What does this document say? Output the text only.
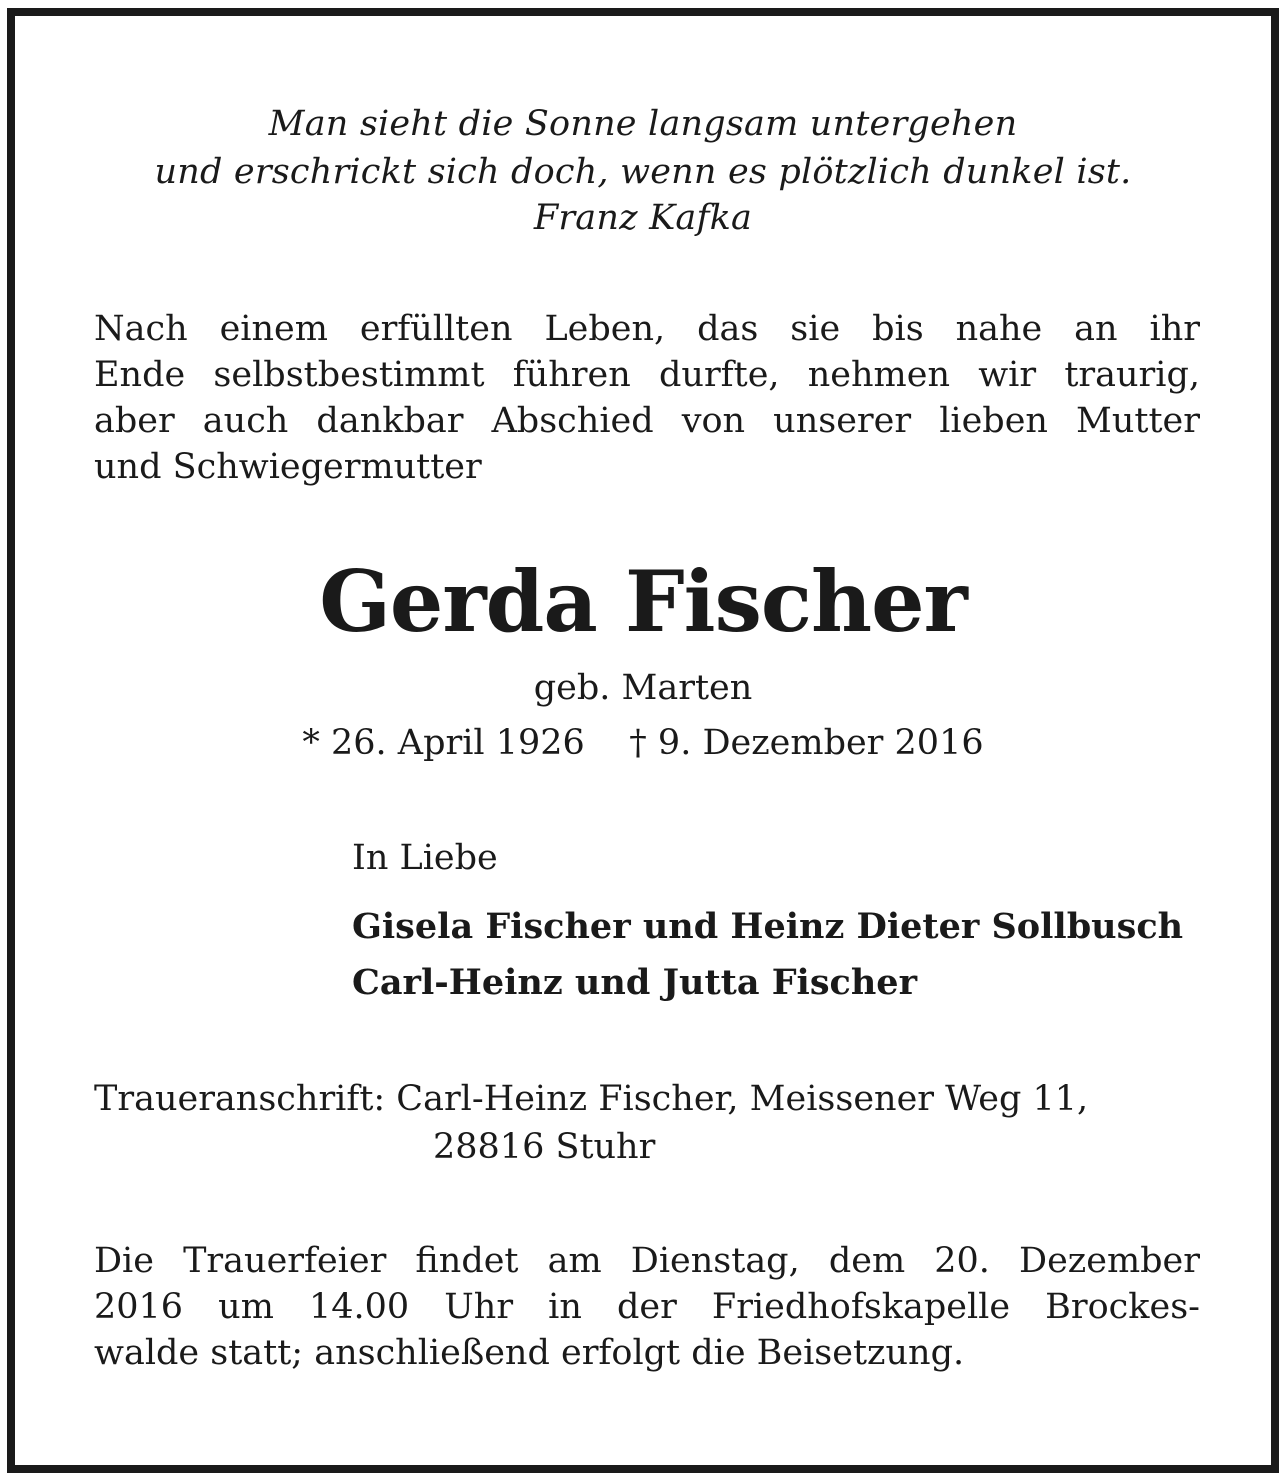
Man sieht die Sonne langsam untergehen

und erschrickt sich doch, wenn es plötzlich dunkel ist.

Franz Kafka

Nach einem erfüllten Leben, das sie bis nahe an ihr
Ende selbstbestimmt führen durfte, nehmen wir traurig,
aber auch dankbar Abschied von unserer lieben Mutter
und Schwiegermutter
Gerda Fischer

geb. Marten

* 26. April 1926    † 9. Dezember 2016

In Liebe

Gisela Fischer und Heinz Dieter Sollbusch

Carl-Heinz und Jutta Fischer

Traueranschrift: Carl-Heinz Fischer, Meissener Weg 11,
28816 Stuhr
Die Trauerfeier findet am Dienstag, dem 20. Dezember
2016 um 14.00 Uhr in der Friedhofskapelle Brockes-
walde statt; anschließend erfolgt die Beisetzung.
